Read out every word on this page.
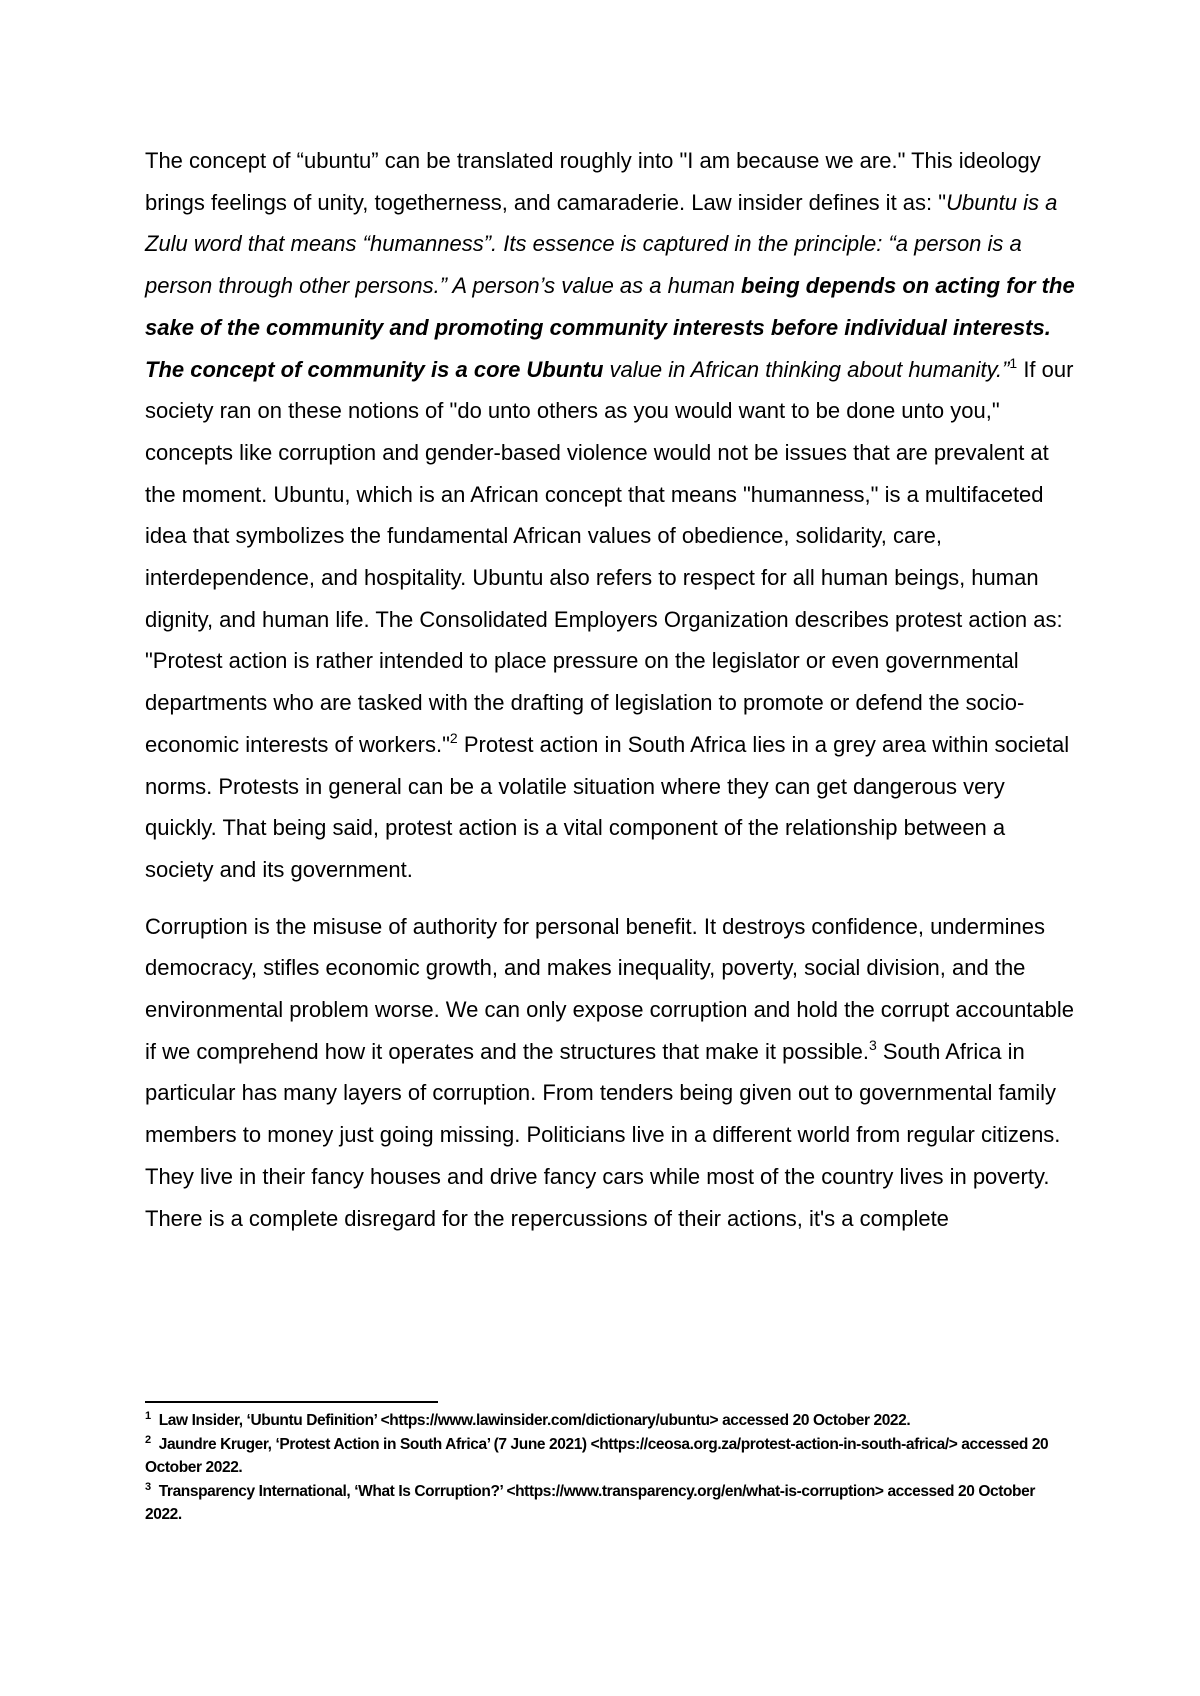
The concept of “ubuntu” can be translated roughly into "I am because we are." This ideology brings feelings of unity, togetherness, and camaraderie. Law insider defines it as: "Ubuntu is a Zulu word that means “humanness”. Its essence is captured in the principle: “a person is a person through other persons.” A person’s value as a human being depends on acting for the sake of the community and promoting community interests before individual interests. The concept of community is a core Ubuntu value in African thinking about humanity.”$^1$ If our society ran on these notions of "do unto others as you would want to be done unto you," concepts like corruption and gender-based violence would not be issues that are prevalent at the moment. Ubuntu, which is an African concept that means "humanness," is a multifaceted idea that symbolizes the fundamental African values of obedience, solidarity, care, interdependence, and hospitality. Ubuntu also refers to respect for all human beings, human dignity, and human life. The Consolidated Employers Organization describes protest action as: "Protest action is rather intended to place pressure on the legislator or even governmental departments who are tasked with the drafting of legislation to promote or defend the socio-economic interests of workers."$^2$ Protest action in South Africa lies in a grey area within societal norms. Protests in general can be a volatile situation where they can get dangerous very quickly. That being said, protest action is a vital component of the relationship between a society and its government.

Corruption is the misuse of authority for personal benefit. It destroys confidence, undermines democracy, stifles economic growth, and makes inequality, poverty, social division, and the environmental problem worse. We can only expose corruption and hold the corrupt accountable if we comprehend how it operates and the structures that make it possible.$^3$ South Africa in particular has many layers of corruption. From tenders being given out to governmental family members to money just going missing. Politicians live in a different world from regular citizens. They live in their fancy houses and drive fancy cars while most of the country lives in poverty. There is a complete disregard for the repercussions of their actions, it's a complete

$^1$ Law Insider, ‘Ubuntu Definition’ <https://www.lawinsider.com/dictionary/ubuntu> accessed 20 October 2022.

$^2$ Jaundre Kruger, ‘Protest Action in South Africa’ (7 June 2021) <https://ceosa.org.za/protest-action-in-south-africa/> accessed 20 October 2022.

$^3$ Transparency International, ‘What Is Corruption?’ <https://www.transparency.org/en/what-is-corruption> accessed 20 October 2022.
